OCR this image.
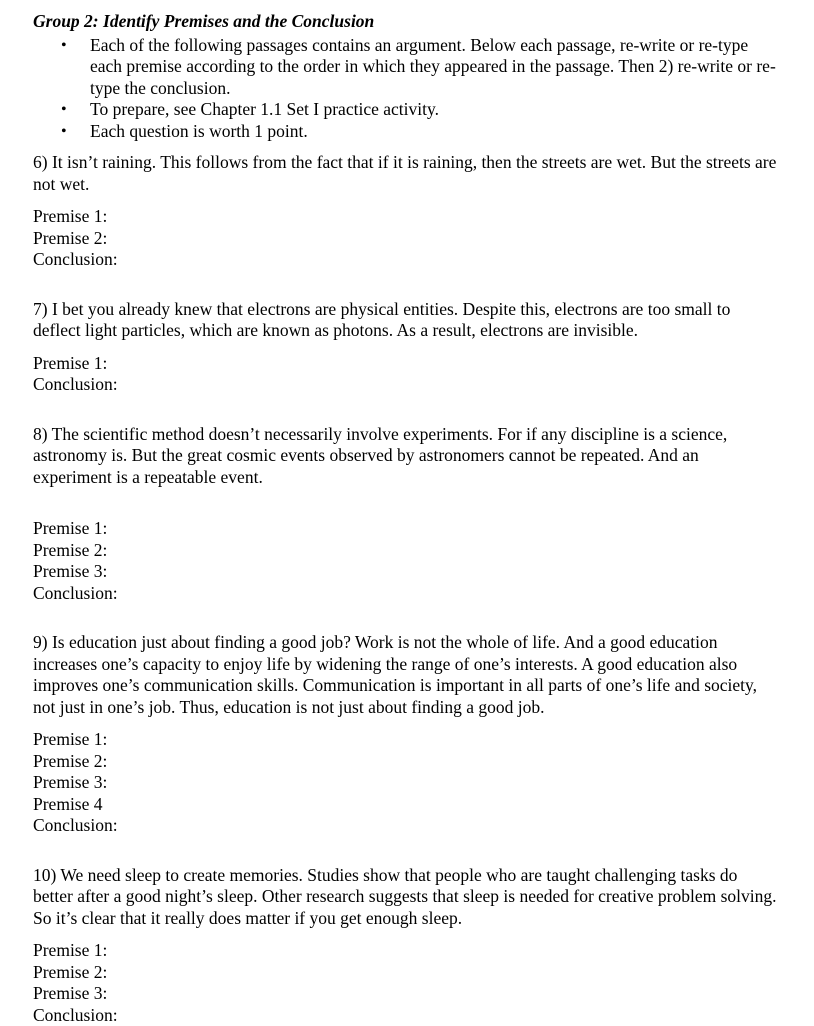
Group 2: Identify Premises and the Conclusion
• Each of the following passages contains an argument. Below each passage, re-write or re-type each premise according to the order in which they appeared in the passage. Then 2) re-write or re-type the conclusion.
• To prepare, see Chapter 1.1 Set I practice activity.
• Each question is worth 1 point.

6) It isn’t raining. This follows from the fact that if it is raining, then the streets are wet. But the streets are not wet.

Premise 1:
Premise 2:
Conclusion:

7) I bet you already knew that electrons are physical entities. Despite this, electrons are too small to deflect light particles, which are known as photons. As a result, electrons are invisible.

Premise 1:
Conclusion:

8) The scientific method doesn’t necessarily involve experiments. For if any discipline is a science, astronomy is. But the great cosmic events observed by astronomers cannot be repeated. And an experiment is a repeatable event.

Premise 1:
Premise 2:
Premise 3:
Conclusion:

9) Is education just about finding a good job? Work is not the whole of life. And a good education increases one’s capacity to enjoy life by widening the range of one’s interests. A good education also improves one’s communication skills. Communication is important in all parts of one’s life and society, not just in one’s job. Thus, education is not just about finding a good job.

Premise 1:
Premise 2:
Premise 3:
Premise 4
Conclusion:

10) We need sleep to create memories. Studies show that people who are taught challenging tasks do better after a good night’s sleep. Other research suggests that sleep is needed for creative problem solving. So it’s clear that it really does matter if you get enough sleep.

Premise 1:
Premise 2:
Premise 3:
Conclusion:
